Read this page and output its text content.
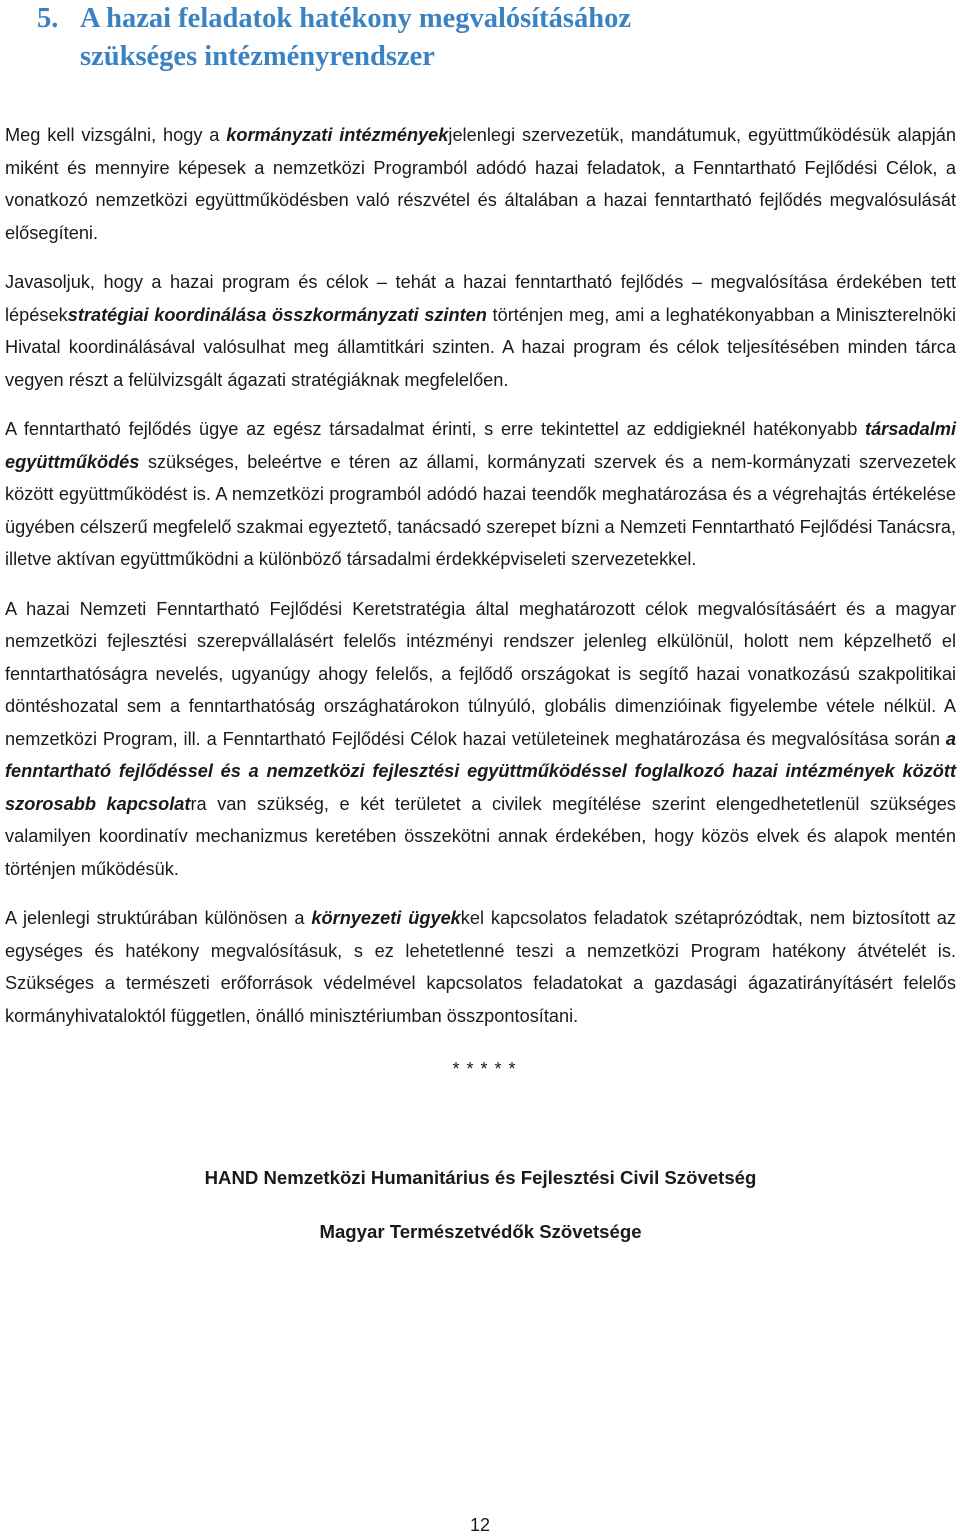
5. A hazai feladatok hatékony megvalósításához
szükséges intézményrendszer

Meg kell vizsgálni, hogy a kormányzati intézményekjelenlegi szervezetük, mandátumuk, együttműködésük alapján miként és mennyire képesek a nemzetközi Programból adódó hazai feladatok, a Fenntartható Fejlődési Célok, a vonatkozó nemzetközi együttműködésben való részvétel és általában a hazai fenntartható fejlődés megvalósulását elősegíteni.

Javasoljuk, hogy a hazai program és célok – tehát a hazai fenntartható fejlődés – megvalósítása érdekében tett lépésekstratégiai koordinálása összkormányzati szinten történjen meg, ami a leghatékonyabban a Miniszterelnöki Hivatal koordinálásával valósulhat meg államtitkári szinten. A hazai program és célok teljesítésében minden tárca vegyen részt a felülvizsgált ágazati stratégiáknak megfelelően.

A fenntartható fejlődés ügye az egész társadalmat érinti, s erre tekintettel az eddigieknél hatékonyabb társadalmi együttműködés szükséges, beleértve e téren az állami, kormányzati szervek és a nem-kormányzati szervezetek között együttműködést is. A nemzetközi programból adódó hazai teendők meghatározása és a végrehajtás értékelése ügyében célszerű megfelelő szakmai egyeztető, tanácsadó szerepet bízni a Nemzeti Fenntartható Fejlődési Tanácsra, illetve aktívan együttműködni a különböző társadalmi érdekképviseleti szervezetekkel.

A hazai Nemzeti Fenntartható Fejlődési Keretstratégia által meghatározott célok megvalósításáért és a magyar nemzetközi fejlesztési szerepvállalásért felelős intézményi rendszer jelenleg elkülönül, holott nem képzelhető el fenntarthatóságra nevelés, ugyanúgy ahogy felelős, a fejlődő országokat is segítő hazai vonatkozású szakpolitikai döntéshozatal sem a fenntarthatóság országhatárokon túlnyúló, globális dimenzióinak figyelembe vétele nélkül. A nemzetközi Program, ill. a Fenntartható Fejlődési Célok hazai vetületeinek meghatározása és megvalósítása során a fenntartható fejlődéssel és a nemzetközi fejlesztési együttműködéssel foglalkozó hazai intézmények között szorosabb kapcsolatra van szükség, e két területet a civilek megítélése szerint elengedhetetlenül szükséges valamilyen koordinatív mechanizmus keretében összekötni annak érdekében, hogy közös elvek és alapok mentén történjen működésük.

A jelenlegi struktúrában különösen a környezeti ügyekkel kapcsolatos feladatok szétaprózódtak, nem biztosított az egységes és hatékony megvalósításuk, s ez lehetetlenné teszi a nemzetközi Program hatékony átvételét is. Szükséges a természeti erőforrások védelmével kapcsolatos feladatokat a gazdasági ágazatirányításért felelős kormányhivataloktól független, önálló minisztériumban összpontosítani.

* * * * *

HAND Nemzetközi Humanitárius és Fejlesztési Civil Szövetség

Magyar Természetvédők Szövetsége

12
